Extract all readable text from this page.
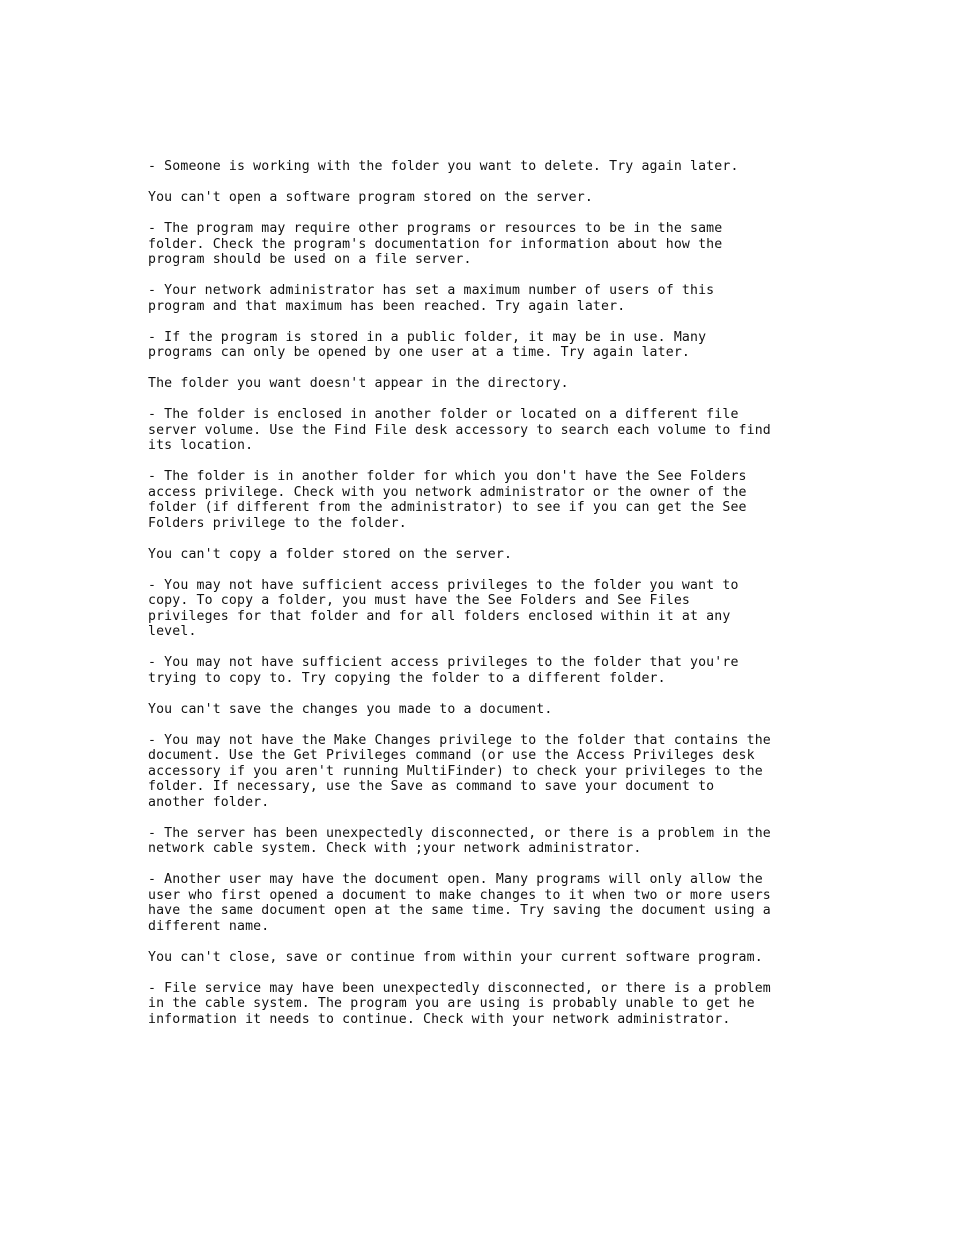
- Someone is working with the folder you want to delete. Try again later.

You can't open a software program stored on the server.

- The program may require other programs or resources to be in the same
folder. Check the program's documentation for information about how the
program should be used on a file server.

- Your network administrator has set a maximum number of users of this
program and that maximum has been reached. Try again later.

- If the program is stored in a public folder, it may be in use. Many
programs can only be opened by one user at a time. Try again later.

The folder you want doesn't appear in the directory.

- The folder is enclosed in another folder or located on a different file
server volume. Use the Find File desk accessory to search each volume to find
its location.

- The folder is in another folder for which you don't have the See Folders
access privilege. Check with you network administrator or the owner of the
folder (if different from the administrator) to see if you can get the See
Folders privilege to the folder.

You can't copy a folder stored on the server.

- You may not have sufficient access privileges to the folder you want to
copy. To copy a folder, you must have the See Folders and See Files
privileges for that folder and for all folders enclosed within it at any
level.

- You may not have sufficient access privileges to the folder that you're
trying to copy to. Try copying the folder to a different folder.

You can't save the changes you made to a document.

- You may not have the Make Changes privilege to the folder that contains the
document. Use the Get Privileges command (or use the Access Privileges desk
accessory if you aren't running MultiFinder) to check your privileges to the
folder. If necessary, use the Save as command to save your document to
another folder.

- The server has been unexpectedly disconnected, or there is a problem in the
network cable system. Check with ;your network administrator.

- Another user may have the document open. Many programs will only allow the
user who first opened a document to make changes to it when two or more users
have the same document open at the same time. Try saving the document using a
different name.

You can't close, save or continue from within your current software program.

- File service may have been unexpectedly disconnected, or there is a problem
in the cable system. The program you are using is probably unable to get he
information it needs to continue. Check with your network administrator.
